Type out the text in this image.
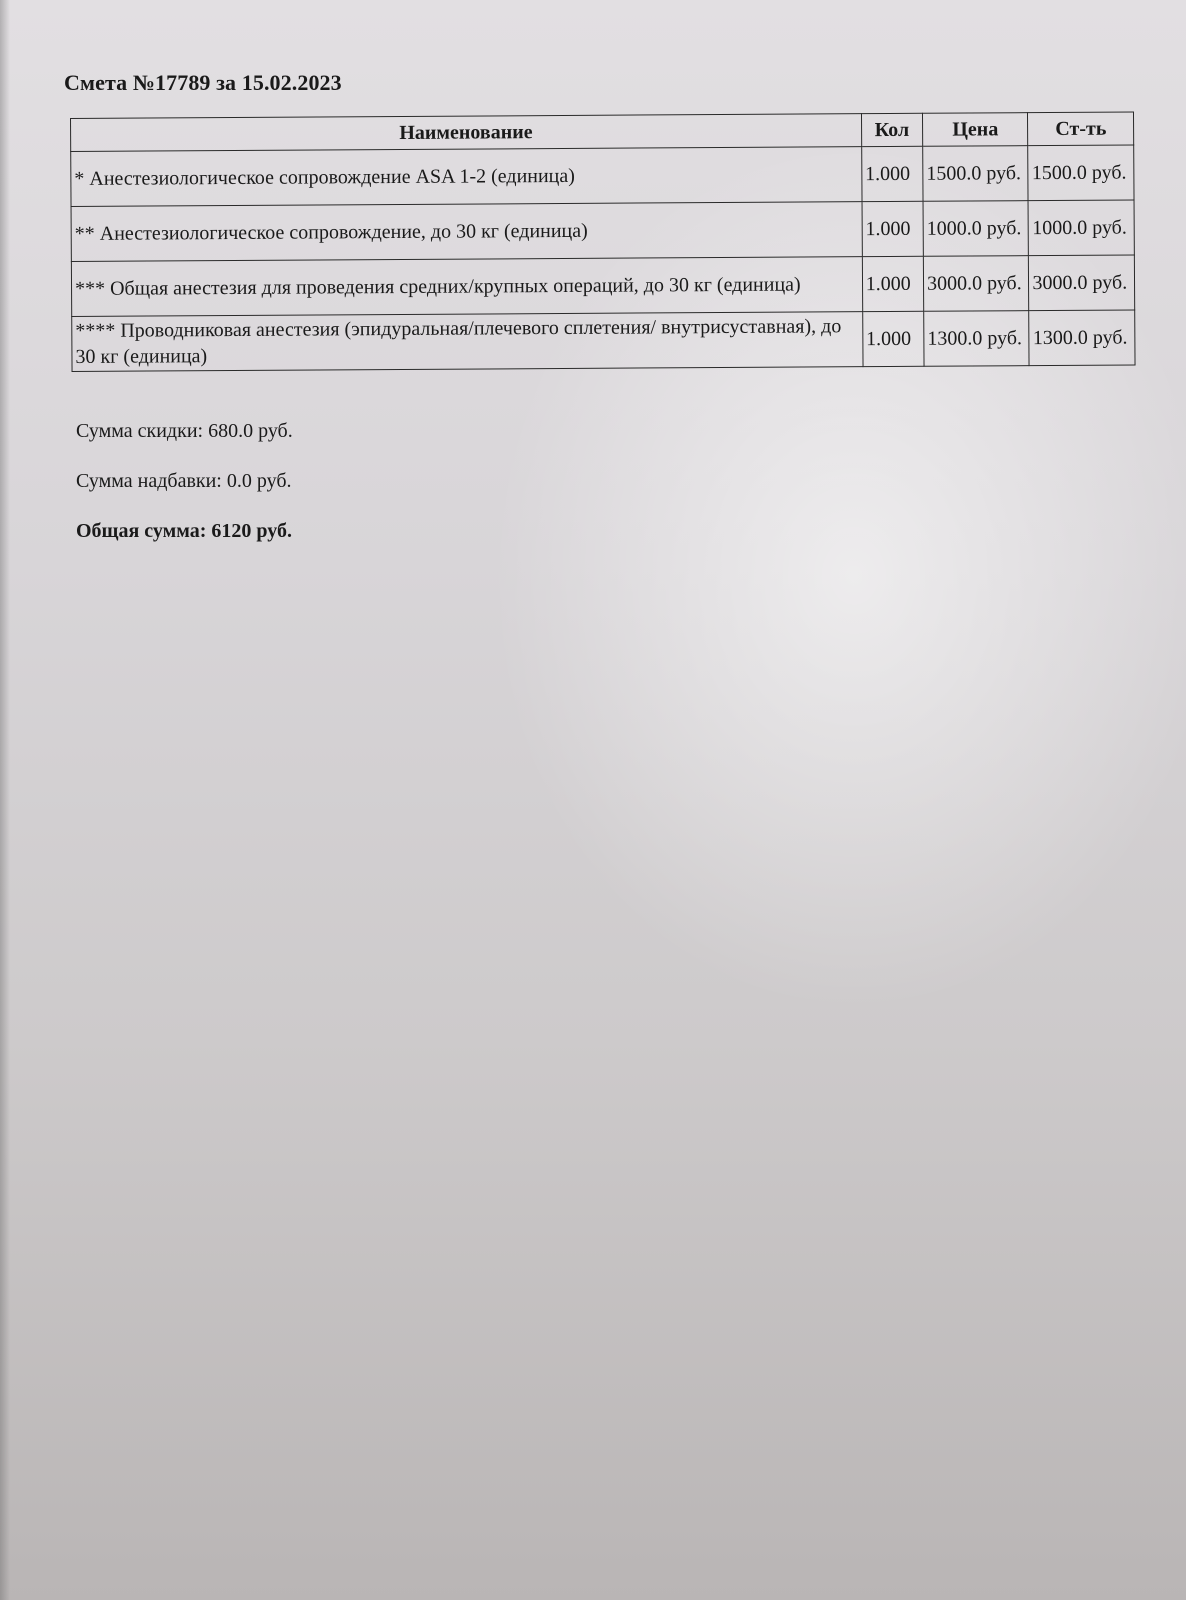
Смета №17789 за 15.02.2023
Наименование	Кол	Цена	Ст-ть
* Анестезиологическое сопровождение ASA 1-2 (единица)	1.000	1500.0 руб.	1500.0 руб.
** Анестезиологическое сопровождение, до 30 кг (единица)	1.000	1000.0 руб.	1000.0 руб.
*** Общая анестезия для проведения средних/крупных операций, до 30 кг (единица)	1.000	3000.0 руб.	3000.0 руб.
**** Проводниковая анестезия (эпидуральная/плечевого сплетения/ внутрисуставная), до 30 кг (единица)	1.000	1300.0 руб.	1300.0 руб.
Сумма скидки: 680.0 руб.
Сумма надбавки: 0.0 руб.
Общая сумма: 6120 руб.
